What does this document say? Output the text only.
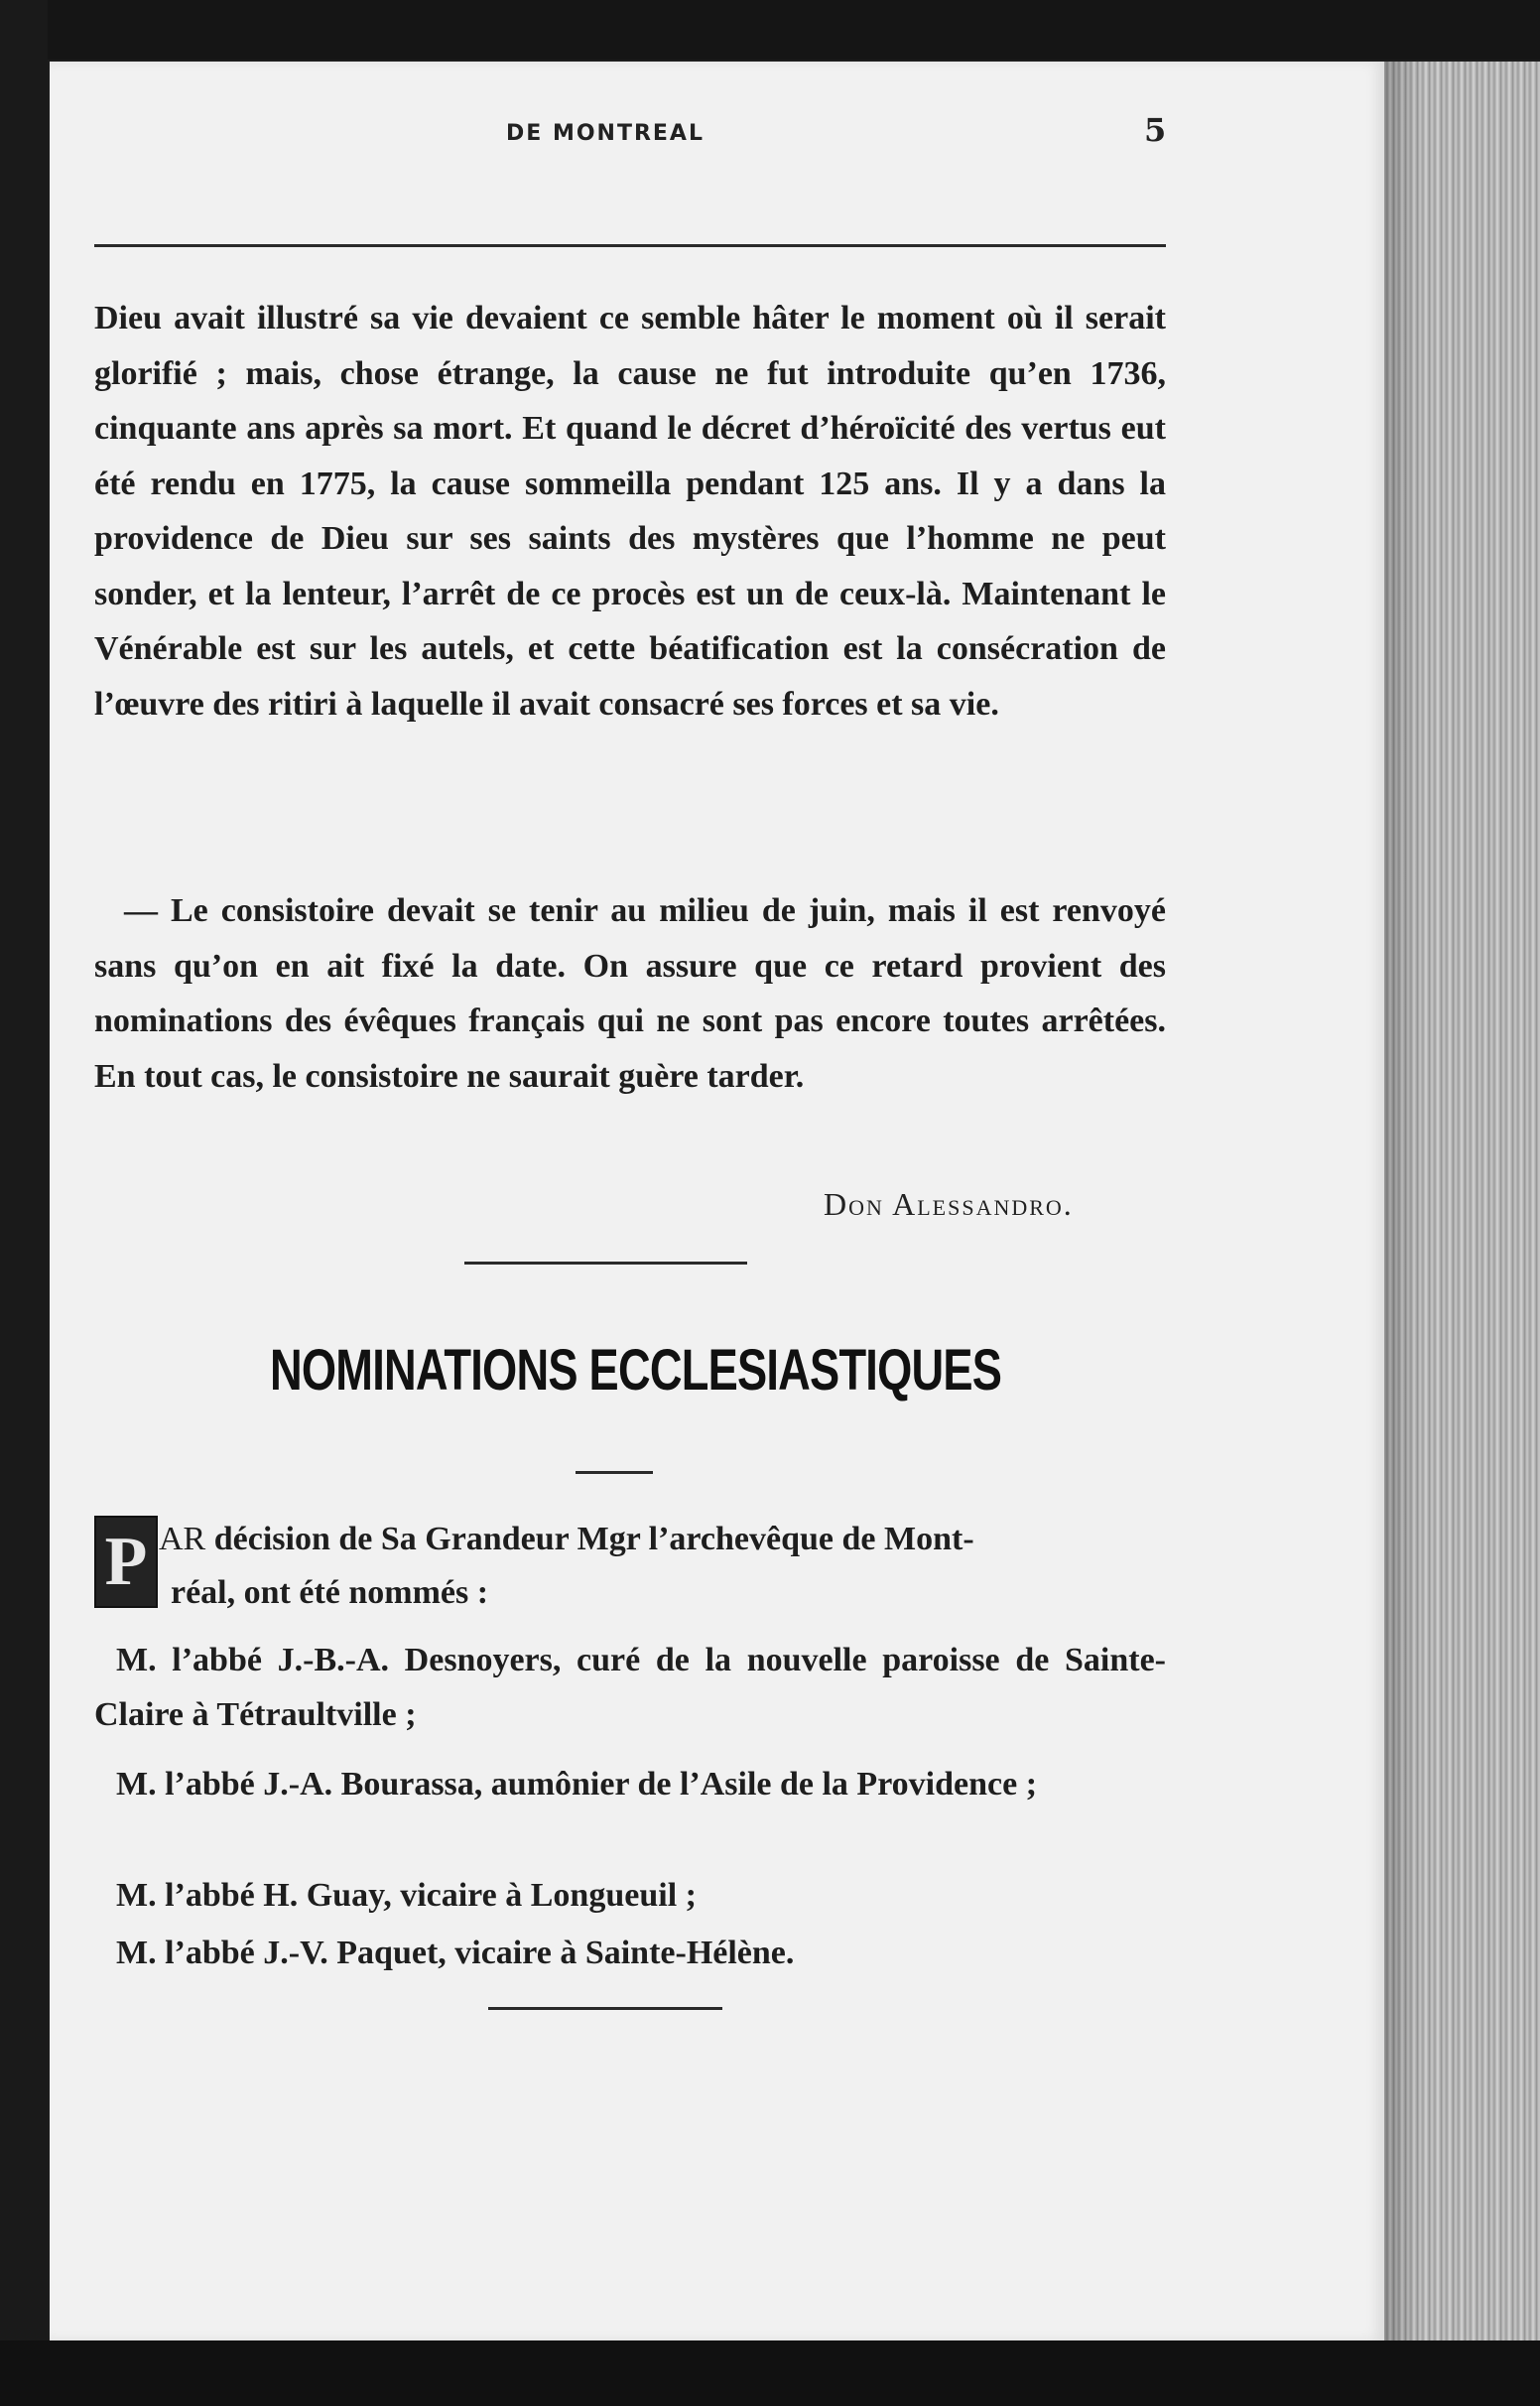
DE MONTREAL	5

Dieu avait illustré sa vie devaient ce semble hâter le moment où il serait glorifié ; mais, chose étrange, la cause ne fut introduite qu’en 1736, cinquante ans après sa mort. Et quand le décret d’héroïcité des vertus eut été rendu en 1775, la cause sommeilla pendant 125 ans. Il y a dans la providence de Dieu sur ses saints des mystères que l’homme ne peut sonder, et la lenteur, l’arrêt de ce procès est un de ceux-là. Maintenant le Vénérable est sur les autels, et cette béatification est la consécration de l’œuvre des ritiri à laquelle il avait consacré ses forces et sa vie.

— Le consistoire devait se tenir au milieu de juin, mais il est renvoyé sans qu’on en ait fixé la date. On assure que ce retard provient des nominations des évêques français qui ne sont pas encore toutes arrêtées. En tout cas, le consistoire ne saurait guère tarder.

Don Alessandro.
NOMINATIONS ECCLESIASTIQUES
P AR décision de Sa Grandeur Mgr l’archevêque de Mont-
réal, ont été nommés :

M. l’abbé J.-B.-A. Desnoyers, curé de la nouvelle paroisse de Sainte-Claire à Tétraultville ;

M. l’abbé J.-A. Bourassa, aumônier de l’Asile de la Providence ;

M. l’abbé H. Guay, vicaire à Longueuil ;

M. l’abbé J.-V. Paquet, vicaire à Sainte-Hélène.
